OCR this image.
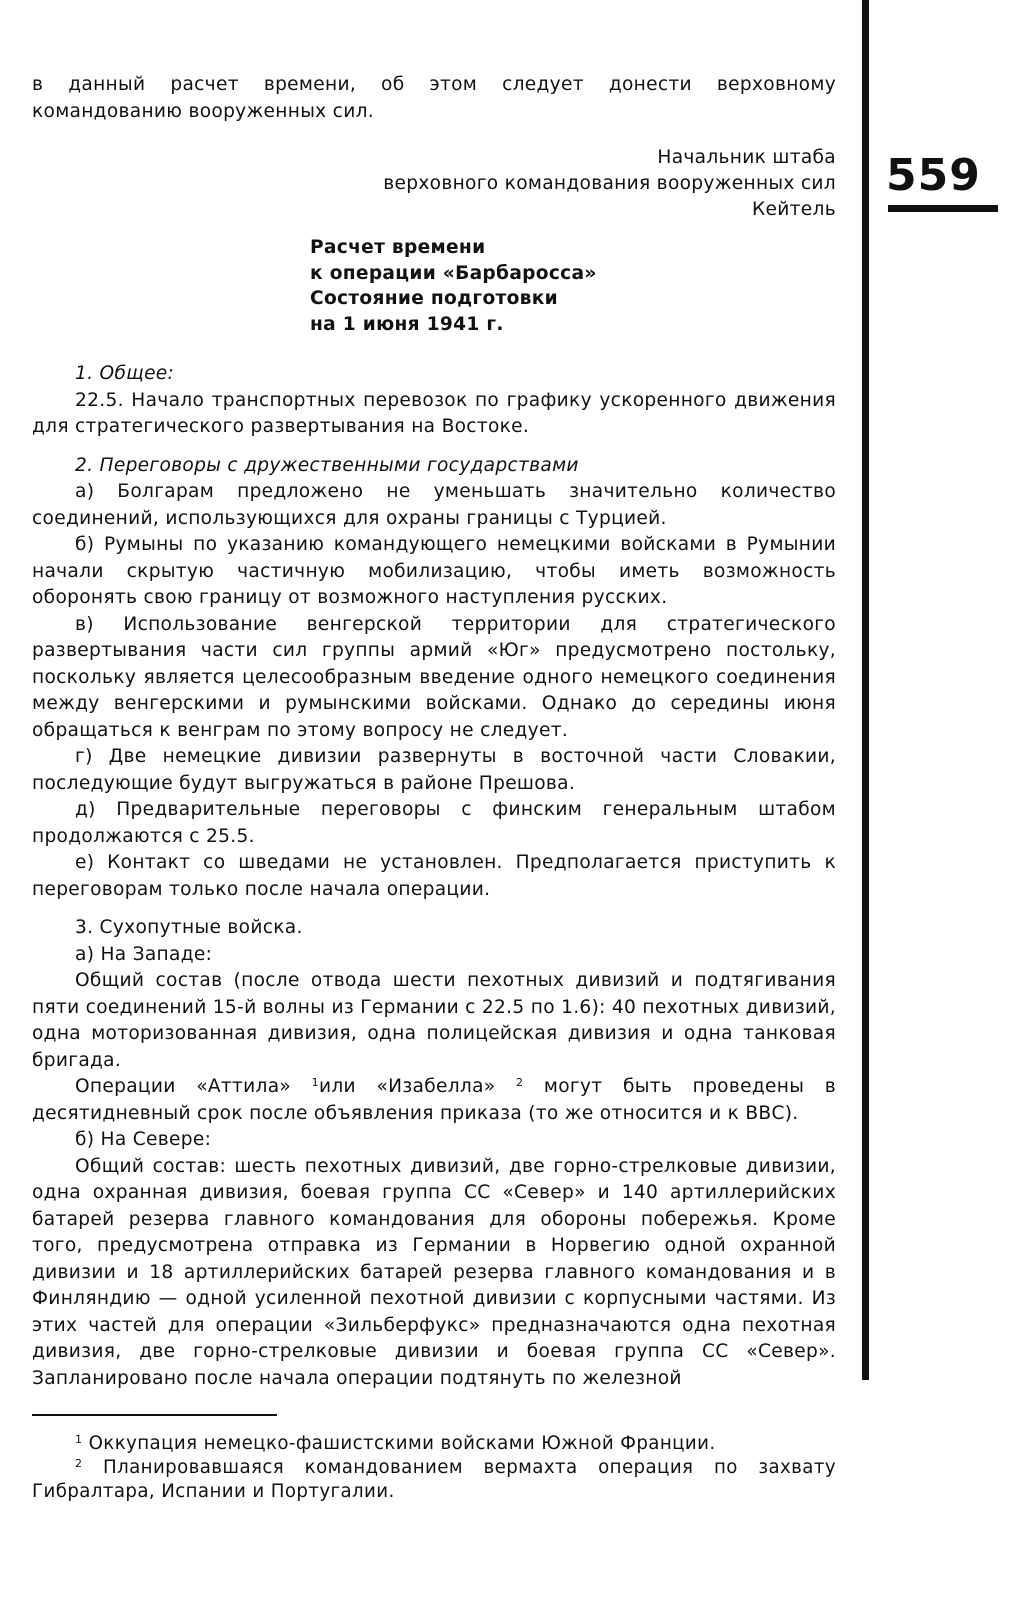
559

в данный расчет времени, об этом следует донести верховному командованию вооруженных сил.

Начальник штаба

верховного командования вооруженных сил

Кейтель

Расчет времени
к операции «Барбаросса»
Состояние подготовки
на 1 июня 1941 г.

1. Общее:

22.5. Начало транспортных перевозок по графику ускоренного движения для стратегического развертывания на Востоке.

2. Переговоры с дружественными государствами

а) Болгарам предложено не уменьшать значительно количество соединений, использующихся для охраны границы с Турцией.

б) Румыны по указанию командующего немецкими войсками в Румынии начали скрытую частичную мобилизацию, чтобы иметь возможность оборонять свою границу от возможного наступления русских.

в) Использование венгерской территории для стратегического развертывания части сил группы армий «Юг» предусмотрено постольку, поскольку является целесообразным введение одного немецкого соединения между венгерскими и румынскими войсками. Однако до середины июня обращаться к венграм по этому вопросу не следует.

г) Две немецкие дивизии развернуты в восточной части Словакии, последующие будут выгружаться в районе Прешова.

д) Предварительные переговоры с финским генеральным штабом продолжаются с 25.5.

е) Контакт со шведами не установлен. Предполагается приступить к переговорам только после начала операции.

3. Сухопутные войска.

а) На Западе:

Общий состав (после отвода шести пехотных дивизий и подтягивания пяти соединений 15-й волны из Германии с 22.5 по 1.6): 40 пехотных дивизий, одна моторизованная дивизия, одна полицейская дивизия и одна танковая бригада.

Операции «Аттила» $^1$или «Изабелла» $^2$ могут быть проведены в десятидневный срок после объявления приказа (то же относится и к ВВС).

б) На Севере:

Общий состав: шесть пехотных дивизий, две горно-стрелковые дивизии, одна охранная дивизия, боевая группа СС «Север» и 140 артиллерийских батарей резерва главного командования для обороны побережья. Кроме того, предусмотрена отправка из Германии в Норвегию одной охранной дивизии и 18 артиллерийских батарей резерва главного командования и в Финляндию — одной усиленной пехотной дивизии с корпусными частями. Из этих частей для операции «Зильберфукс» предназначаются одна пехотная дивизия, две горно-стрелковые дивизии и боевая группа СС «Север». Запланировано после начала операции подтянуть по железной

$^1$ Оккупация немецко-фашистскими войсками Южной Франции.

$^2$ Планировавшаяся командованием вермахта операция по захвату Гибралтара, Испании и Португалии.
